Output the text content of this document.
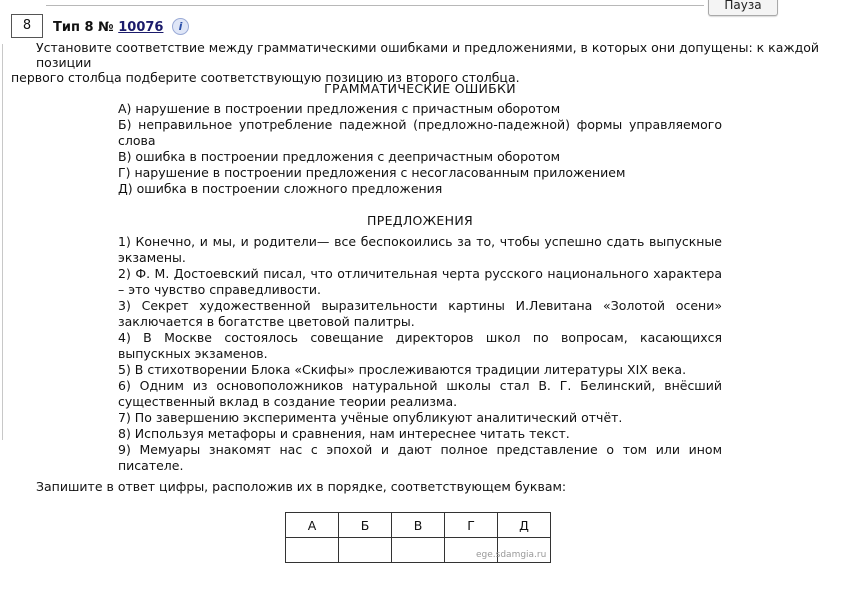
Пауза
8	Тип 8 № 10076 i
Установите соответствие между грамматическими ошибками и предложениями, в которых они допущены: к каждой позиции
первого столбца подберите соответствующую позицию из второго столбца.
ГРАММАТИЧЕСКИЕ ОШИБКИ

А) нарушение в построении предложения с причастным оборотом

Б) неправильное употребление падежной (предложно-падежной) формы управляемого слова

В) ошибка в построении предложения с деепричастным оборотом

Г) нарушение в построении предложения с несогласованным приложением

Д) ошибка в построении сложного предложения

ПРЕДЛОЖЕНИЯ

1) Конечно, и мы, и родители— все беспокоились за то, чтобы успешно сдать выпускные экзамены.

2) Ф. М. Достоевский писал, что отличительная черта русского национального характера – это чувство справедливости.

3) Секрет художественной выразительности картины И.Левитана «Золотой осени» заключается в богатстве цветовой палитры.

4) В Москве состоялось совещание директоров школ по вопросам, касающихся выпускных экзаменов.

5) В стихотворении Блока «Скифы» прослеживаются традиции литературы XIX века.

6) Одним из основоположников натуральной школы стал В. Г. Белинский, внёсший существенный вклад в создание теории реализма.

7) По завершению эксперимента учёные опубликуют аналитический отчёт.

8) Используя метафоры и сравнения, нам интереснее читать текст.

9) Мемуары знакомят нас с эпохой и дают полное представление о том или ином писателе.

Запишите в ответ цифры, расположив их в порядке, соответствующем буквам:
А	Б	В	Г	Д

ege.sdamgia.ru
